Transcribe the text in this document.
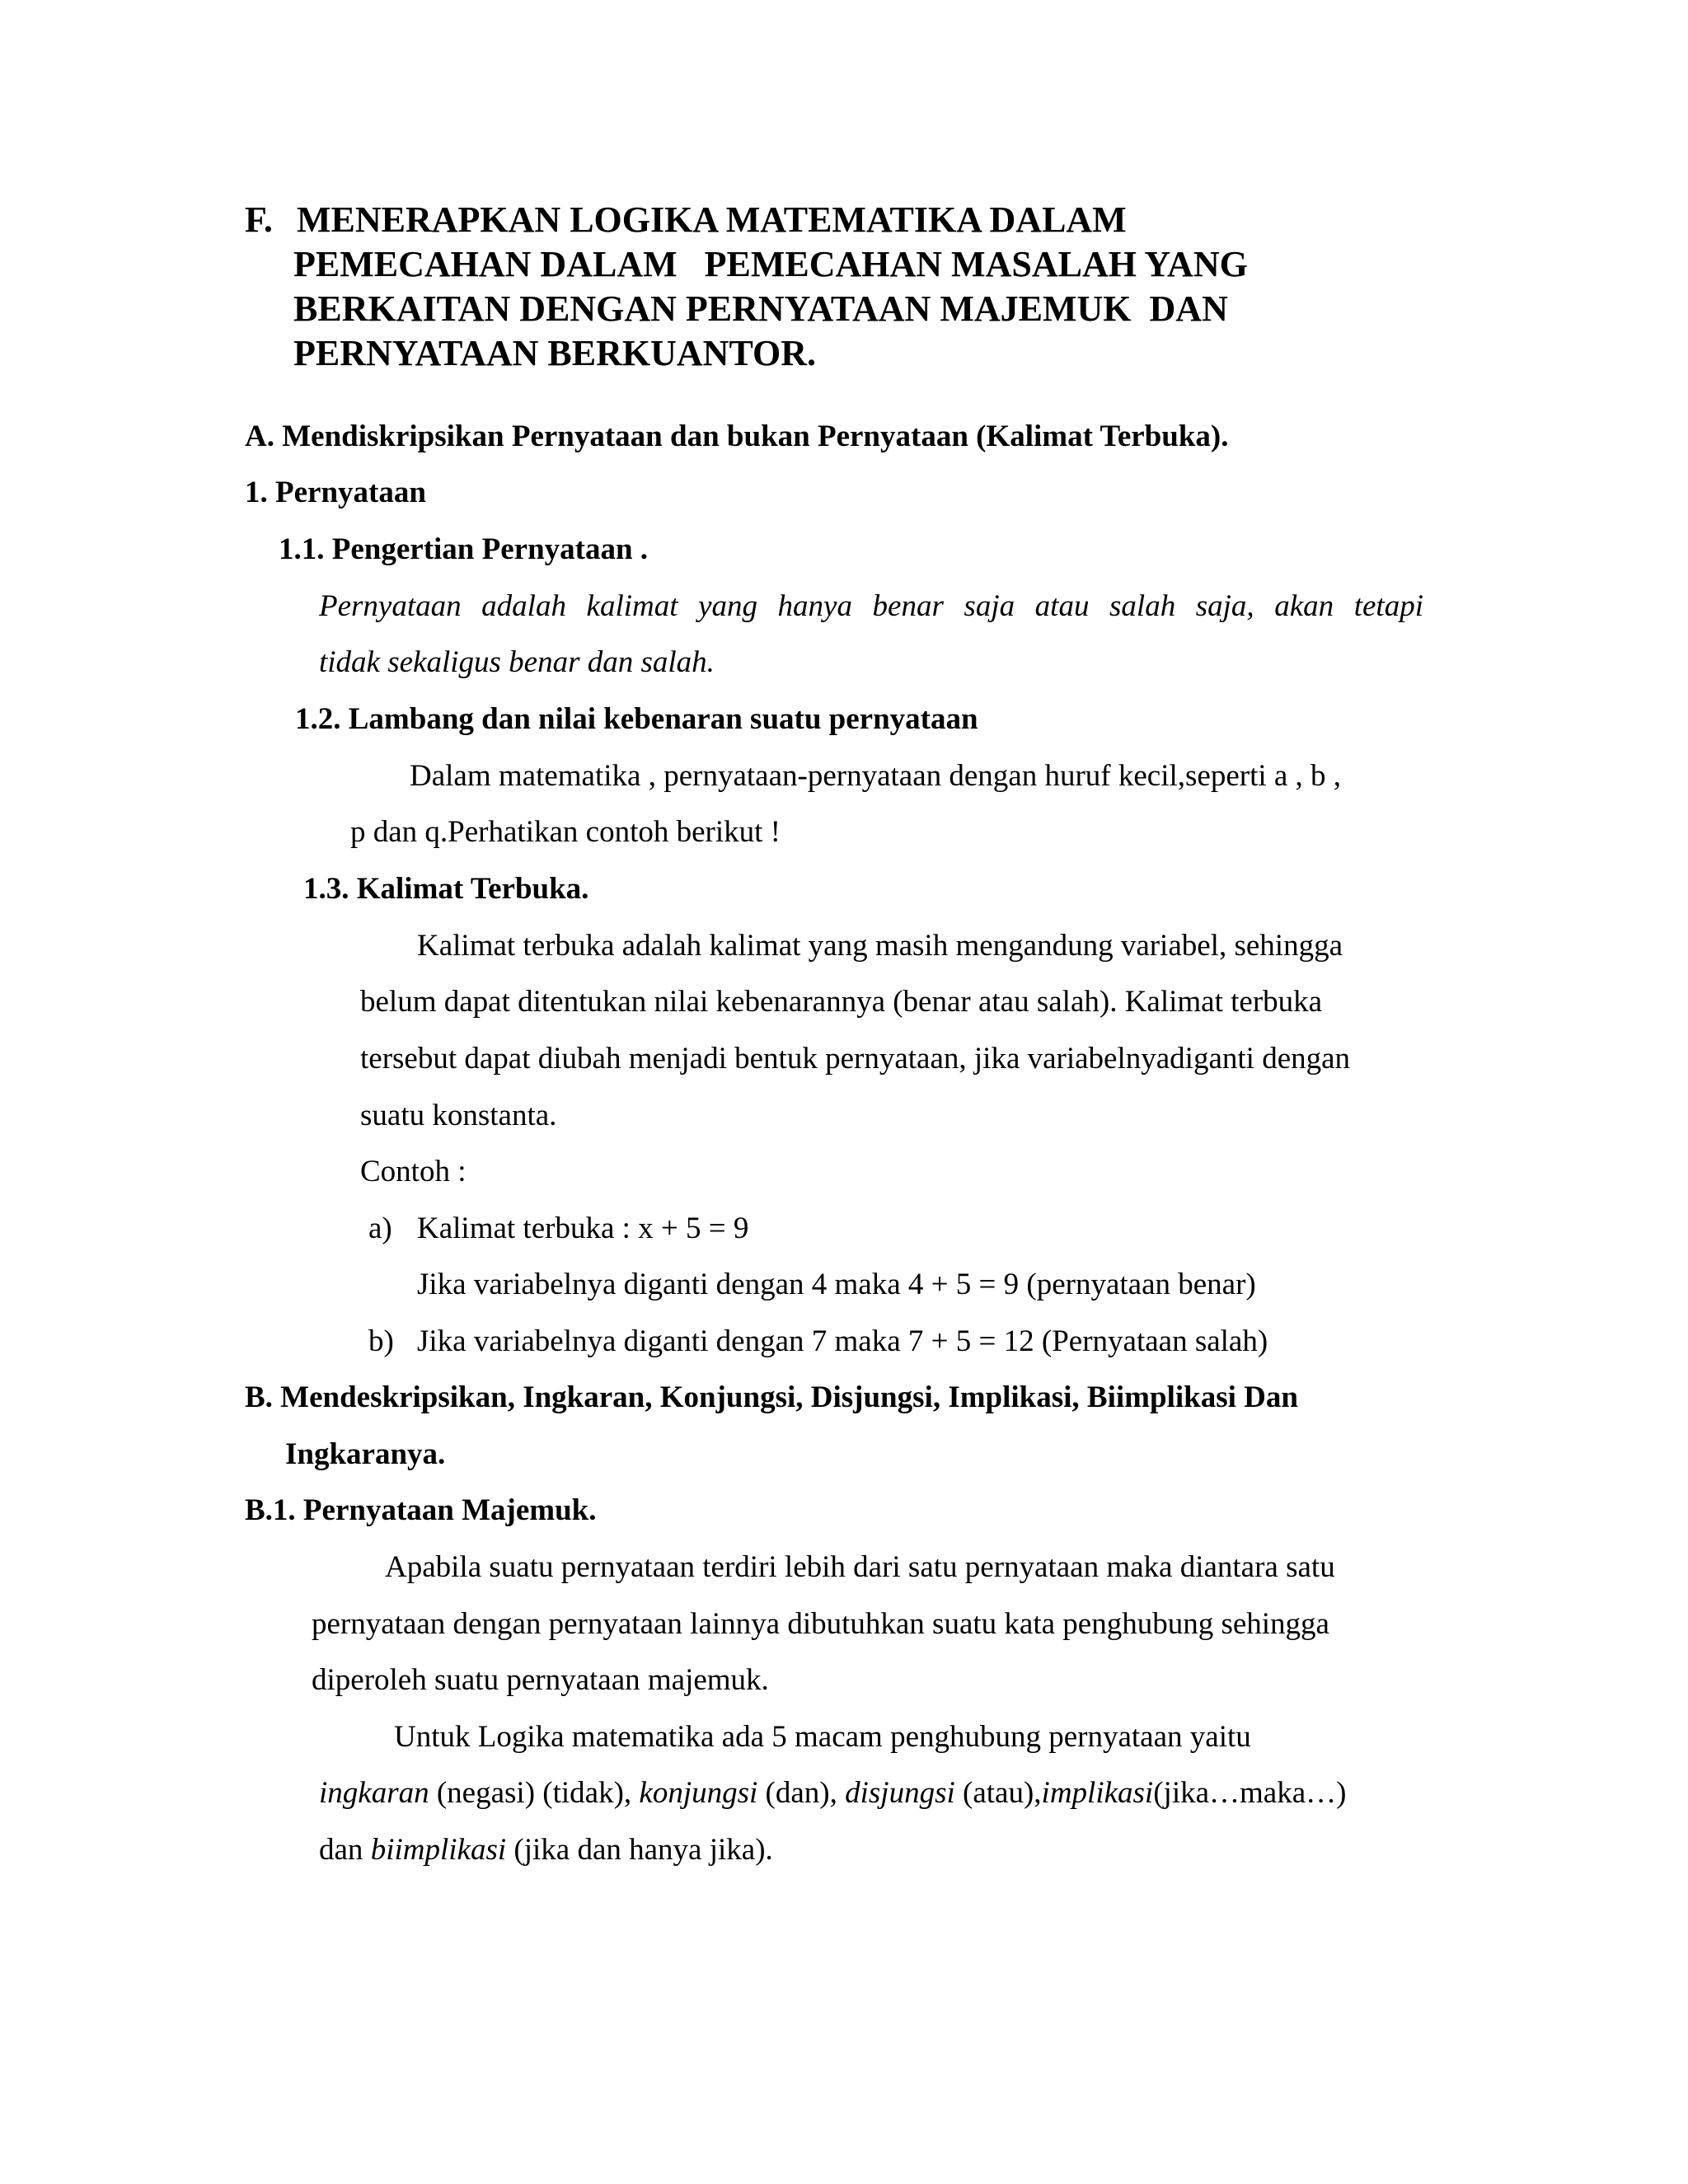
F. MENERAPKAN LOGIKA MATEMATIKA DALAM
PEMECAHAN DALAM   PEMECAHAN MASALAH YANG
BERKAITAN DENGAN PERNYATAAN MAJEMUK  DAN
PERNYATAAN BERKUANTOR.
A. Mendiskripsikan Pernyataan dan bukan Pernyataan (Kalimat Terbuka).
1. Pernyataan
1.1. Pengertian Pernyataan .
Pernyataan adalah kalimat yang hanya benar saja atau salah saja, akan tetapi
tidak sekaligus benar dan salah.
1.2. Lambang dan nilai kebenaran suatu pernyataan
Dalam matematika , pernyataan-pernyataan dengan huruf kecil,seperti a , b ,
p dan q.Perhatikan contoh berikut !
1.3. Kalimat Terbuka.
Kalimat terbuka adalah kalimat yang masih mengandung variabel, sehingga
belum dapat ditentukan nilai kebenarannya (benar atau salah). Kalimat terbuka
tersebut dapat diubah menjadi bentuk pernyataan, jika variabelnyadiganti dengan
suatu konstanta.
Contoh :
a) Kalimat terbuka : x + 5 = 9
Jika variabelnya diganti dengan 4 maka 4 + 5 = 9 (pernyataan benar)
b) Jika variabelnya diganti dengan 7 maka 7 + 5 = 12 (Pernyataan salah)
B. Mendeskripsikan, Ingkaran, Konjungsi, Disjungsi, Implikasi, Biimplikasi Dan
Ingkaranya.
B.1. Pernyataan Majemuk.
Apabila suatu pernyataan terdiri lebih dari satu pernyataan maka diantara satu
pernyataan dengan pernyataan lainnya dibutuhkan suatu kata penghubung sehingga
diperoleh suatu pernyataan majemuk.
Untuk Logika matematika ada 5 macam penghubung pernyataan yaitu
ingkaran (negasi) (tidak), konjungsi (dan), disjungsi (atau),implikasi(jika…maka…)
dan biimplikasi (jika dan hanya jika).
